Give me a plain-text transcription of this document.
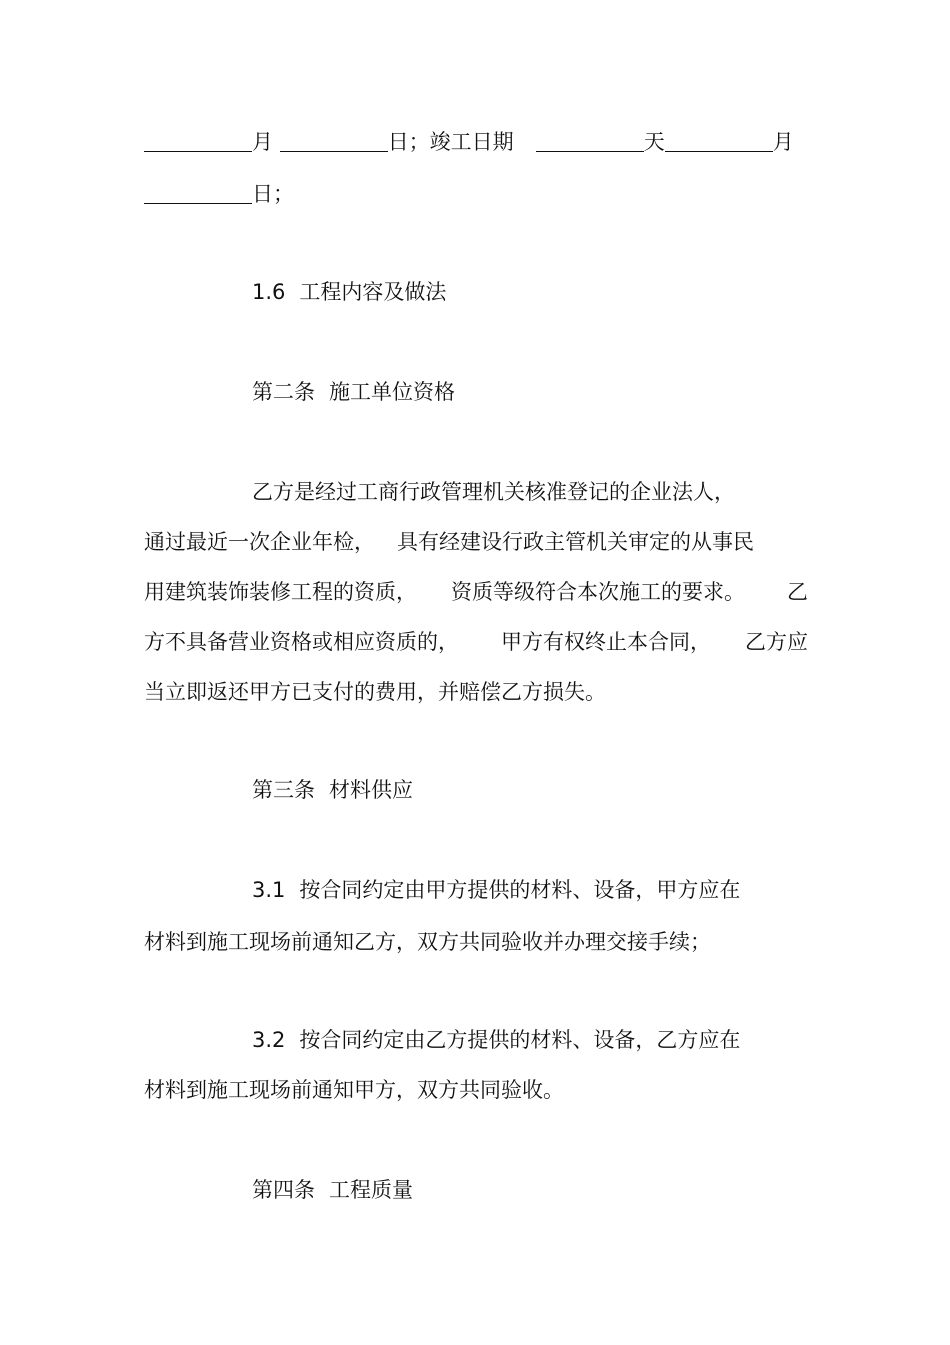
月	日；竣工日期	天	月
日；
1.6 工程内容及做法
第二条 施工单位资格
乙方是经过工商行政管理机关核准登记的企业法人，
通过最近一次企业年检， 具有经建设行政主管机关审定的从事民
用建筑装饰装修工程的资质， 资质等级符合本次施工的要求。 乙
方不具备营业资格或相应资质的， 甲方有权终止本合同， 乙方应
当立即返还甲方已支付的费用，并赔偿乙方损失。
第三条 材料供应
3.1 按合同约定由甲方提供的材料、设备，甲方应在
材料到施工现场前通知乙方，双方共同验收并办理交接手续；
3.2 按合同约定由乙方提供的材料、设备，乙方应在
材料到施工现场前通知甲方，双方共同验收。
第四条 工程质量
